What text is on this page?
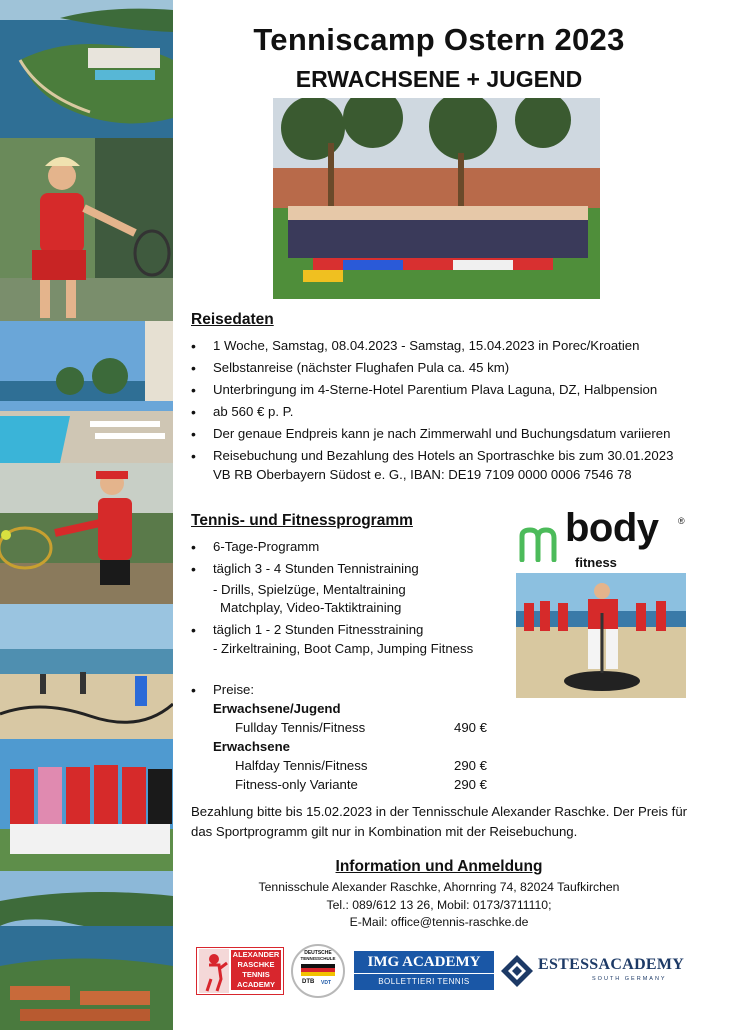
Tenniscamp Ostern 2023
ERWACHSENE + JUGEND
Reisedaten
• 1 Woche, Samstag, 08.04.2023 - Samstag, 15.04.2023 in Porec/Kroatien
• Selbstanreise (nächster Flughafen Pula ca. 45 km)
• Unterbringung im 4-Sterne-Hotel Parentium Plava Laguna, DZ, Halbpension
• ab 560 € p. P.
• Der genaue Endpreis kann je nach Zimmerwahl und Buchungsdatum variieren
• Reisebuchung und Bezahlung des Hotels an Sportraschke bis zum 30.01.2023
VB RB Oberbayern Südost e. G., IBAN: DE19 7109 0000 0006 7546 78
Tennis- und Fitnessprogramm
• 6-Tage-Programm
• täglich 3 - 4 Stunden Tennistraining
- Drills, Spielzüge, Mentaltraining
Matchplay, Video-Taktiktraining
• täglich 1 - 2 Stunden Fitnesstraining
- Zirkeltraining, Boot Camp, Jumping Fitness
body ®
fitness
• Preise:
Erwachsene/Jugend
Fullday Tennis/Fitness	490 €
Erwachsene
Halfday Tennis/Fitness	290 €
Fitness-only Variante	290 €

Bezahlung bitte bis 15.02.2023 in der Tennisschule Alexander Raschke. Der Preis für das Sportprogramm gilt nur in Kombination mit der Reisebuchung.

Information und Anmeldung
Tennisschule Alexander Raschke, Ahornring 74, 82024 Taufkirchen
Tel.: 089/612 13 26, Mobil: 0173/3711110;
E-Mail: office@tennis-raschke.de
ALEXANDER
RASCHKE
TENNIS
ACADEMY
DEUTSCHE
TENNISSCHULE
DTB VDT
IMG ACADEMY
BOLLETTIERI TENNIS
ESTESSACADEMY
SOUTH GERMANY
